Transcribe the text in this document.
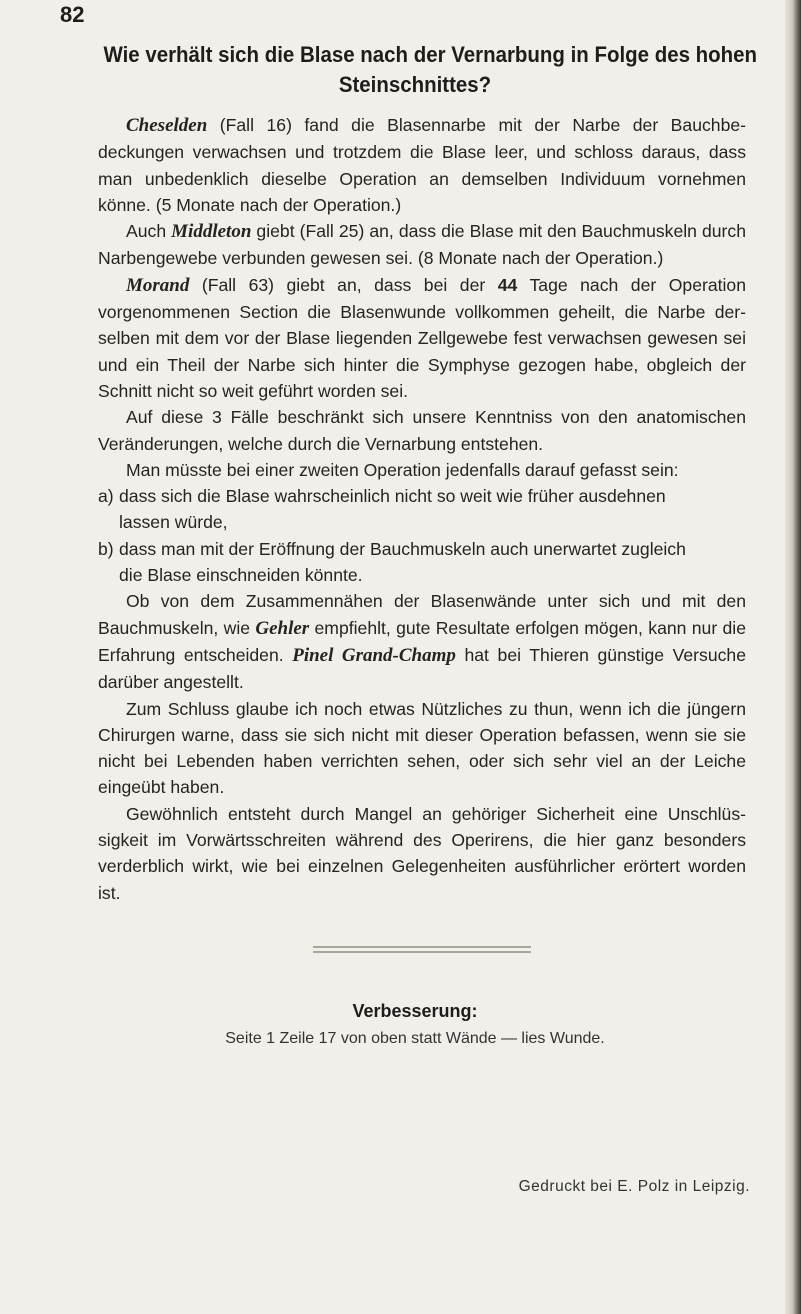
82
Wie verhält sich die Blase nach der Vernarbung in Folge des hohen
Steinschnittes?

Cheselden (Fall 16) fand die Blasennarbe mit der Narbe der Bauchbedeckungen verwachsen und trotzdem die Blase leer, und schloss daraus, dass man unbedenklich dieselbe Operation an demselben Individuum vornehmen könne. (5 Monate nach der Operation.)

Auch Middleton giebt (Fall 25) an, dass die Blase mit den Bauchmuskeln durch Narbengewebe verbunden gewesen sei. (8 Monate nach der Operation.)

Morand (Fall 63) giebt an, dass bei der 44 Tage nach der Operation vorgenommenen Section die Blasenwunde vollkommen geheilt, die Narbe derselben mit dem vor der Blase liegenden Zellgewebe fest verwachsen gewesen sei und ein Theil der Narbe sich hinter die Symphyse gezogen habe, obgleich der Schnitt nicht so weit geführt worden sei.

Auf diese 3 Fälle beschränkt sich unsere Kenntniss von den anatomischen Veränderungen, welche durch die Vernarbung entstehen.

Man müsste bei einer zweiten Operation jedenfalls darauf gefasst sein:

a) dass sich die Blase wahrscheinlich nicht so weit wie früher ausdehnen
lassen würde,

b) dass man mit der Eröffnung der Bauchmuskeln auch unerwartet zugleich
die Blase einschneiden könnte.

Ob von dem Zusammennähen der Blasenwände unter sich und mit den Bauchmuskeln, wie Gehler empfiehlt, gute Resultate erfolgen mögen, kann nur die Erfahrung entscheiden. Pinel Grand-Champ hat bei Thieren günstige Versuche darüber angestellt.

Zum Schluss glaube ich noch etwas Nützliches zu thun, wenn ich die jüngern Chirurgen warne, dass sie sich nicht mit dieser Operation befassen, wenn sie sie nicht bei Lebenden haben verrichten sehen, oder sich sehr viel an der Leiche eingeübt haben.

Gewöhnlich entsteht durch Mangel an gehöriger Sicherheit eine Unschlüssigkeit im Vorwärtsschreiten während des Operirens, die hier ganz besonders verderblich wirkt, wie bei einzelnen Gelegenheiten ausführlicher erörtert worden ist.

Verbesserung:
Seite 1 Zeile 17 von oben statt Wände — lies Wunde.
Gedruckt bei E. Polz in Leipzig.
